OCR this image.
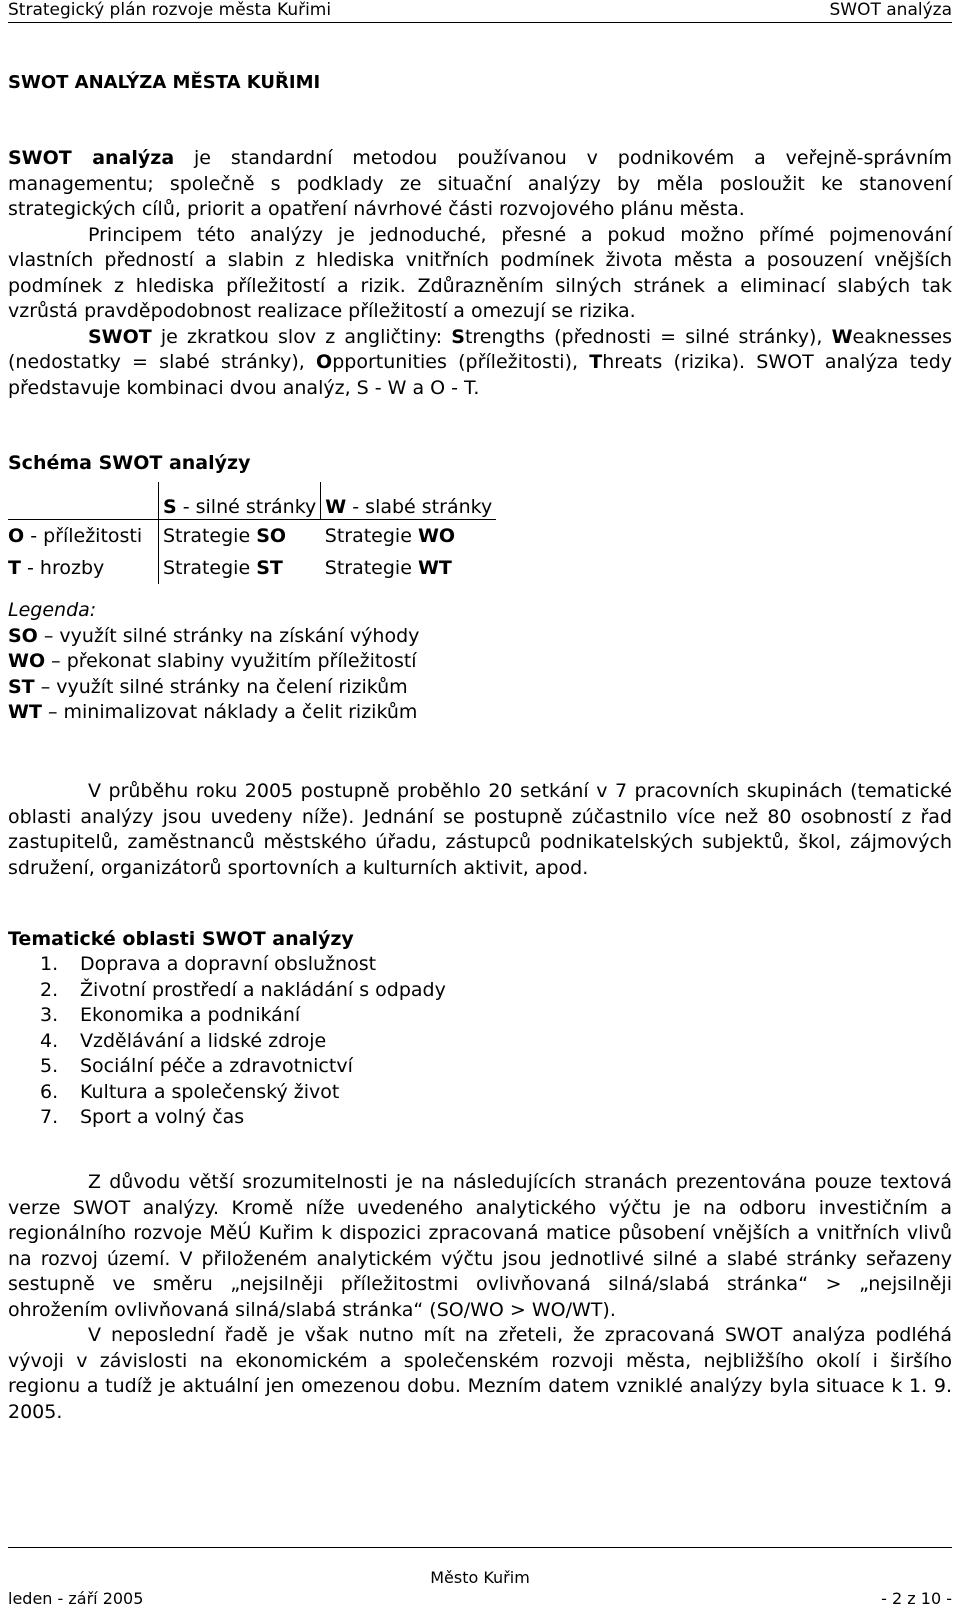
Strategický plán rozvoje města Kuřimi	SWOT analýza
SWOT ANALÝZA MĚSTA KUŘIMI
SWOT analýza je standardní metodou používanou v podnikovém a veřejně-správním managementu; společně s podklady ze situační analýzy by měla posloužit ke stanovení strategických cílů, priorit a opatření návrhové části rozvojového plánu města.
Principem této analýzy je jednoduché, přesné a pokud možno přímé pojmenování vlastních předností a slabin z hlediska vnitřních podmínek života města a posouzení vnějších podmínek z hlediska příležitostí a rizik. Zdůrazněním silných stránek a eliminací slabých tak vzrůstá pravděpodobnost realizace příležitostí a omezují se rizika.
SWOT je zkratkou slov z angličtiny: Strengths (přednosti = silné stránky), Weaknesses (nedostatky = slabé stránky), Opportunities (příležitosti), Threats (rizika). SWOT analýza tedy představuje kombinaci dvou analýz, S - W a O - T.
Schéma SWOT analýzy
	S - silné stránky	W - slabé stránky
O - příležitosti	Strategie SO	Strategie WO
T - hrozby	Strategie ST	Strategie WT
Legenda:
SO – využít silné stránky na získání výhody
WO – překonat slabiny využitím příležitostí
ST – využít silné stránky na čelení rizikům
WT – minimalizovat náklady a čelit rizikům
V průběhu roku 2005 postupně proběhlo 20 setkání v 7 pracovních skupinách (tematické oblasti analýzy jsou uvedeny níže). Jednání se postupně zúčastnilo více než 80 osobností z řad zastupitelů, zaměstnanců městského úřadu, zástupců podnikatelských subjektů, škol, zájmových sdružení, organizátorů sportovních a kulturních aktivit, apod.
Tematické oblasti SWOT analýzy
1. Doprava a dopravní obslužnost
2. Životní prostředí a nakládání s odpady
3. Ekonomika a podnikání
4. Vzdělávání a lidské zdroje
5. Sociální péče a zdravotnictví
6. Kultura a společenský život
7. Sport a volný čas
Z důvodu větší srozumitelnosti je na následujících stranách prezentována pouze textová verze SWOT analýzy. Kromě níže uvedeného analytického výčtu je na odboru investičním a regionálního rozvoje MěÚ Kuřim k dispozici zpracovaná matice působení vnějších a vnitřních vlivů na rozvoj území. V přiloženém analytickém výčtu jsou jednotlivé silné a slabé stránky seřazeny sestupně ve směru „nejsilněji příležitostmi ovlivňovaná silná/slabá stránka“ > „nejsilněji ohrožením ovlivňovaná silná/slabá stránka“ (SO/WO > WO/WT).
V neposlední řadě je však nutno mít na zřeteli, že zpracovaná SWOT analýza podléhá vývoji v závislosti na ekonomickém a společenském rozvoji města, nejbližšího okolí i širšího regionu a tudíž je aktuální jen omezenou dobu. Mezním datem vzniklé analýzy byla situace k 1. 9. 2005.
Město Kuřim
leden - září 2005	- 2 z 10 -
